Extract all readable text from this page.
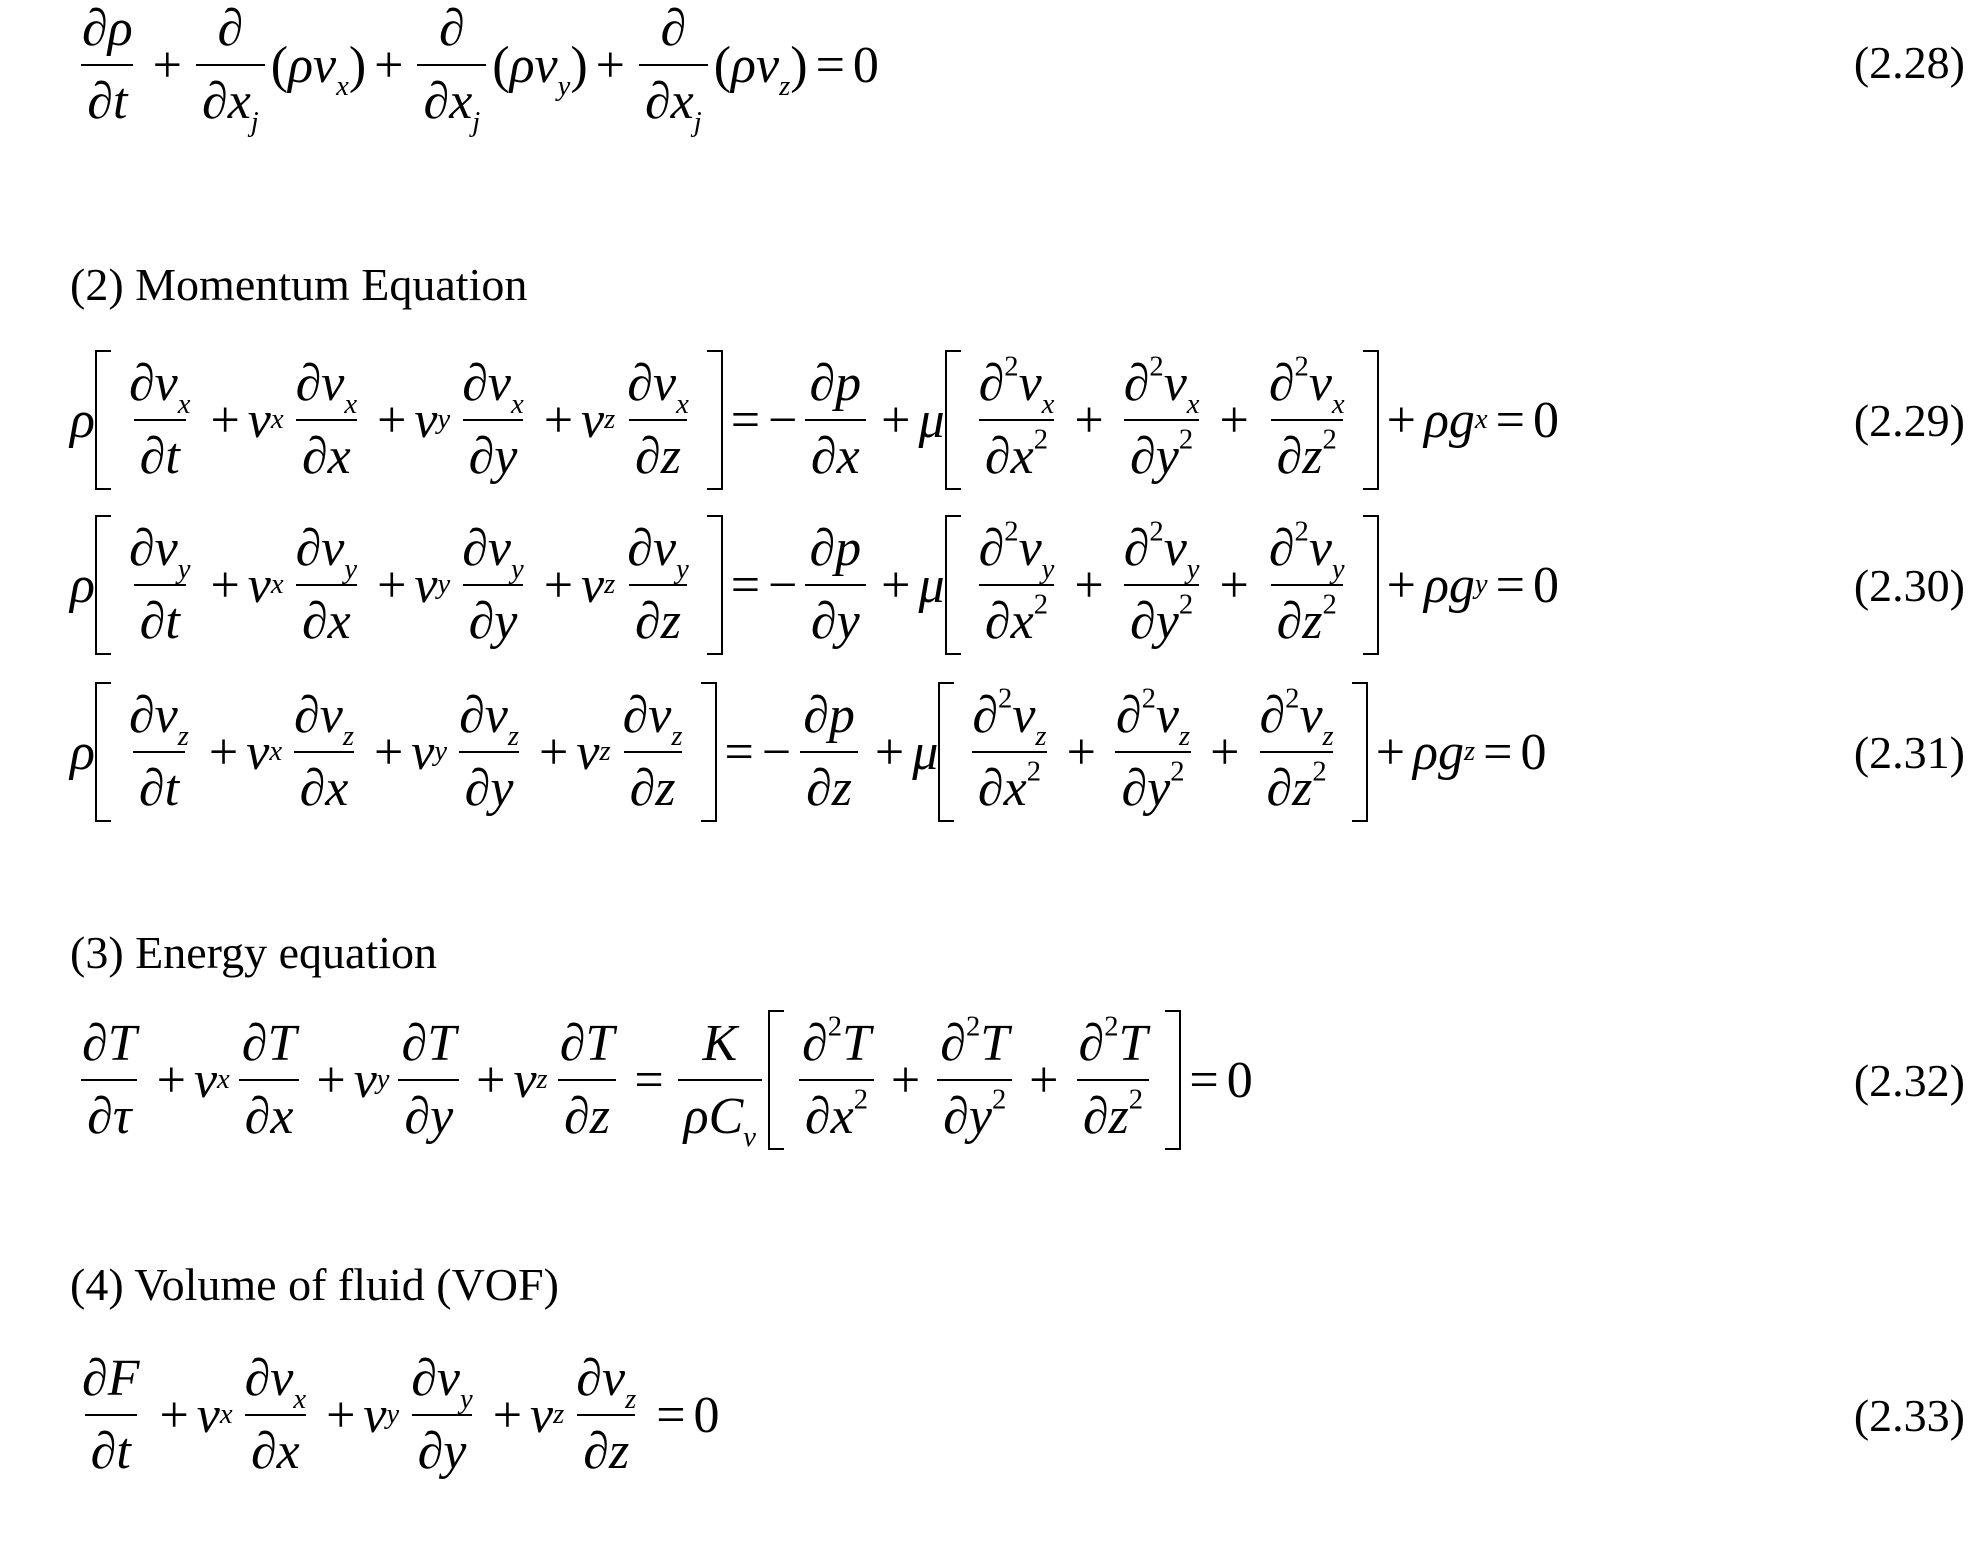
$\frac{\partial\rho}{\partial t} + \frac{\partial}{\partial x_j} (\rho v_x) + \frac{\partial}{\partial x_j} (\rho v_y) + \frac{\partial}{\partial x_j} (\rho v_z) = 0$	(2.28)
(2) Momentum Equation
ρ $\frac{\partial v_x}{\partial t} + v$ x $\frac{\partial v_x}{\partial x} + v$ y $\frac{\partial v_x}{\partial y} + v$ z $\frac{\partial v_x}{\partial z}$ = − $\frac{\partial p}{\partial x} + \mu \frac{\partial^2v_x}{\partial x^2} + \frac{\partial^2v_x}{\partial y^2} + \frac{\partial^2v_x}{\partial z^2} + \rho g$ x = 0	(2.29)
ρ $\frac{\partial v_y}{\partial t} + v$ x $\frac{\partial v_y}{\partial x} + v$ y $\frac{\partial v_y}{\partial y} + v$ z $\frac{\partial v_y}{\partial z}$ = − $\frac{\partial p}{\partial y} + \mu \frac{\partial^2v_y}{\partial x^2} + \frac{\partial^2v_y}{\partial y^2} + \frac{\partial^2v_y}{\partial z^2} + \rho g$ y = 0	(2.30)
ρ $\frac{\partial v_z}{\partial t} + v$ x $\frac{\partial v_z}{\partial x} + v$ y $\frac{\partial v_z}{\partial y} + v$ z $\frac{\partial v_z}{\partial z}$ = − $\frac{\partial p}{\partial z} + \mu \frac{\partial^2v_z}{\partial x^2} + \frac{\partial^2v_z}{\partial y^2} + \frac{\partial^2v_z}{\partial z^2} + \rho g$ z = 0	(2.31)
(3) Energy equation
$\frac{\partial T}{\partial\tau} + v$ x $\frac{\partial T}{\partial x} + v$ y $\frac{\partial T}{\partial y} + v$ z $\frac{\partial T}{\partial z} = \frac{K}{\rho C_v} \frac{\partial^2T}{\partial x^2} + \frac{\partial^2T}{\partial y^2} + \frac{\partial^2T}{\partial z^2} = 0$	(2.32)
(4) Volume of fluid (VOF)
$\frac{\partial F}{\partial t} + v$ x $\frac{\partial v_x}{\partial x} + v$ y $\frac{\partial v_y}{\partial y} + v$ z $\frac{\partial v_z}{\partial z} = 0$	(2.33)
